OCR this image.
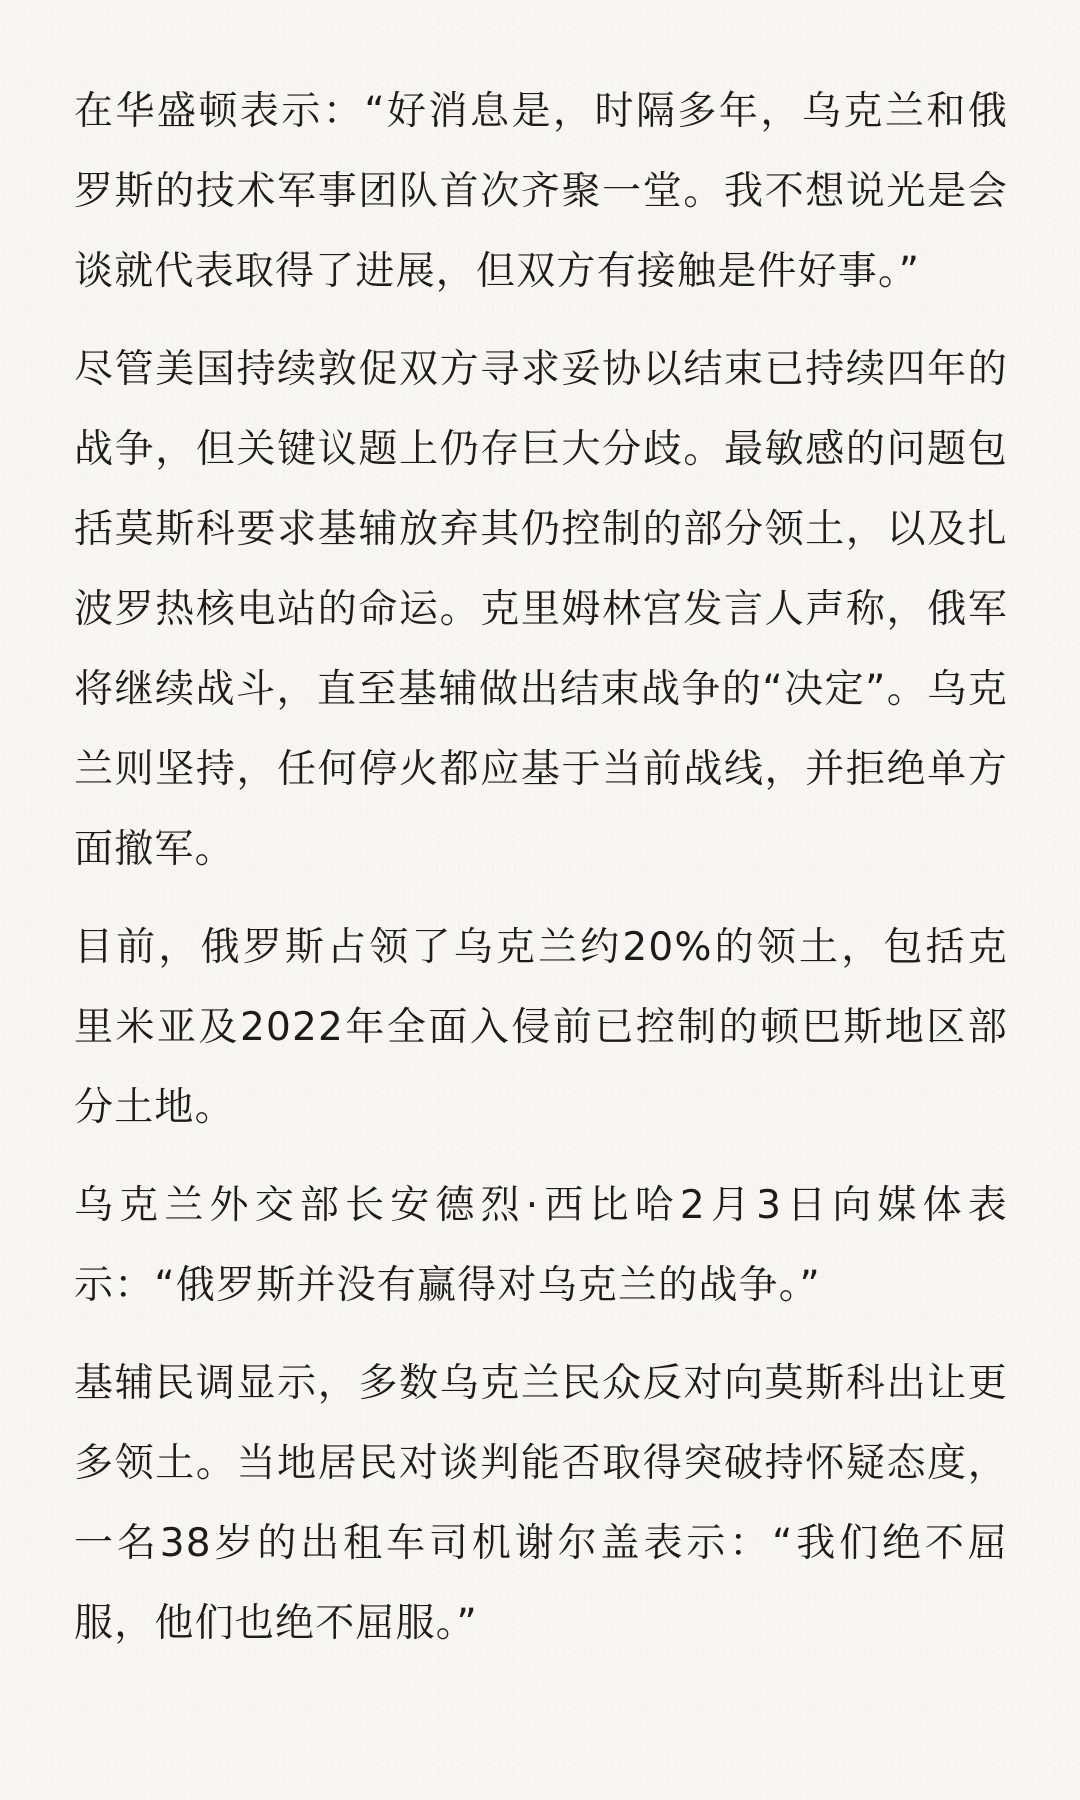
在华盛顿表示：“好消息是，时隔多年，乌克兰和俄罗斯的技术军事团队首次齐聚一堂。我不想说光是会谈就代表取得了进展，但双方有接触是件好事。”

尽管美国持续敦促双方寻求妥协以结束已持续四年的战争，但关键议题上仍存巨大分歧。最敏感的问题包括莫斯科要求基辅放弃其仍控制的部分领土，以及扎波罗热核电站的命运。克里姆林宫发言人声称，俄军将继续战斗，直至基辅做出结束战争的“决定”。乌克兰则坚持，任何停火都应基于当前战线，并拒绝单方面撤军。

目前，俄罗斯占领了乌克兰约20%的领土，包括克里米亚及2022年全面入侵前已控制的顿巴斯地区部分土地。

乌克兰外交部长安德烈·西比哈2月3日向媒体表示：“俄罗斯并没有赢得对乌克兰的战争。”

基辅民调显示，多数乌克兰民众反对向莫斯科出让更多领土。当地居民对谈判能否取得突破持怀疑态度，一名38岁的出租车司机谢尔盖表示：“我们绝不屈服，他们也绝不屈服。”
